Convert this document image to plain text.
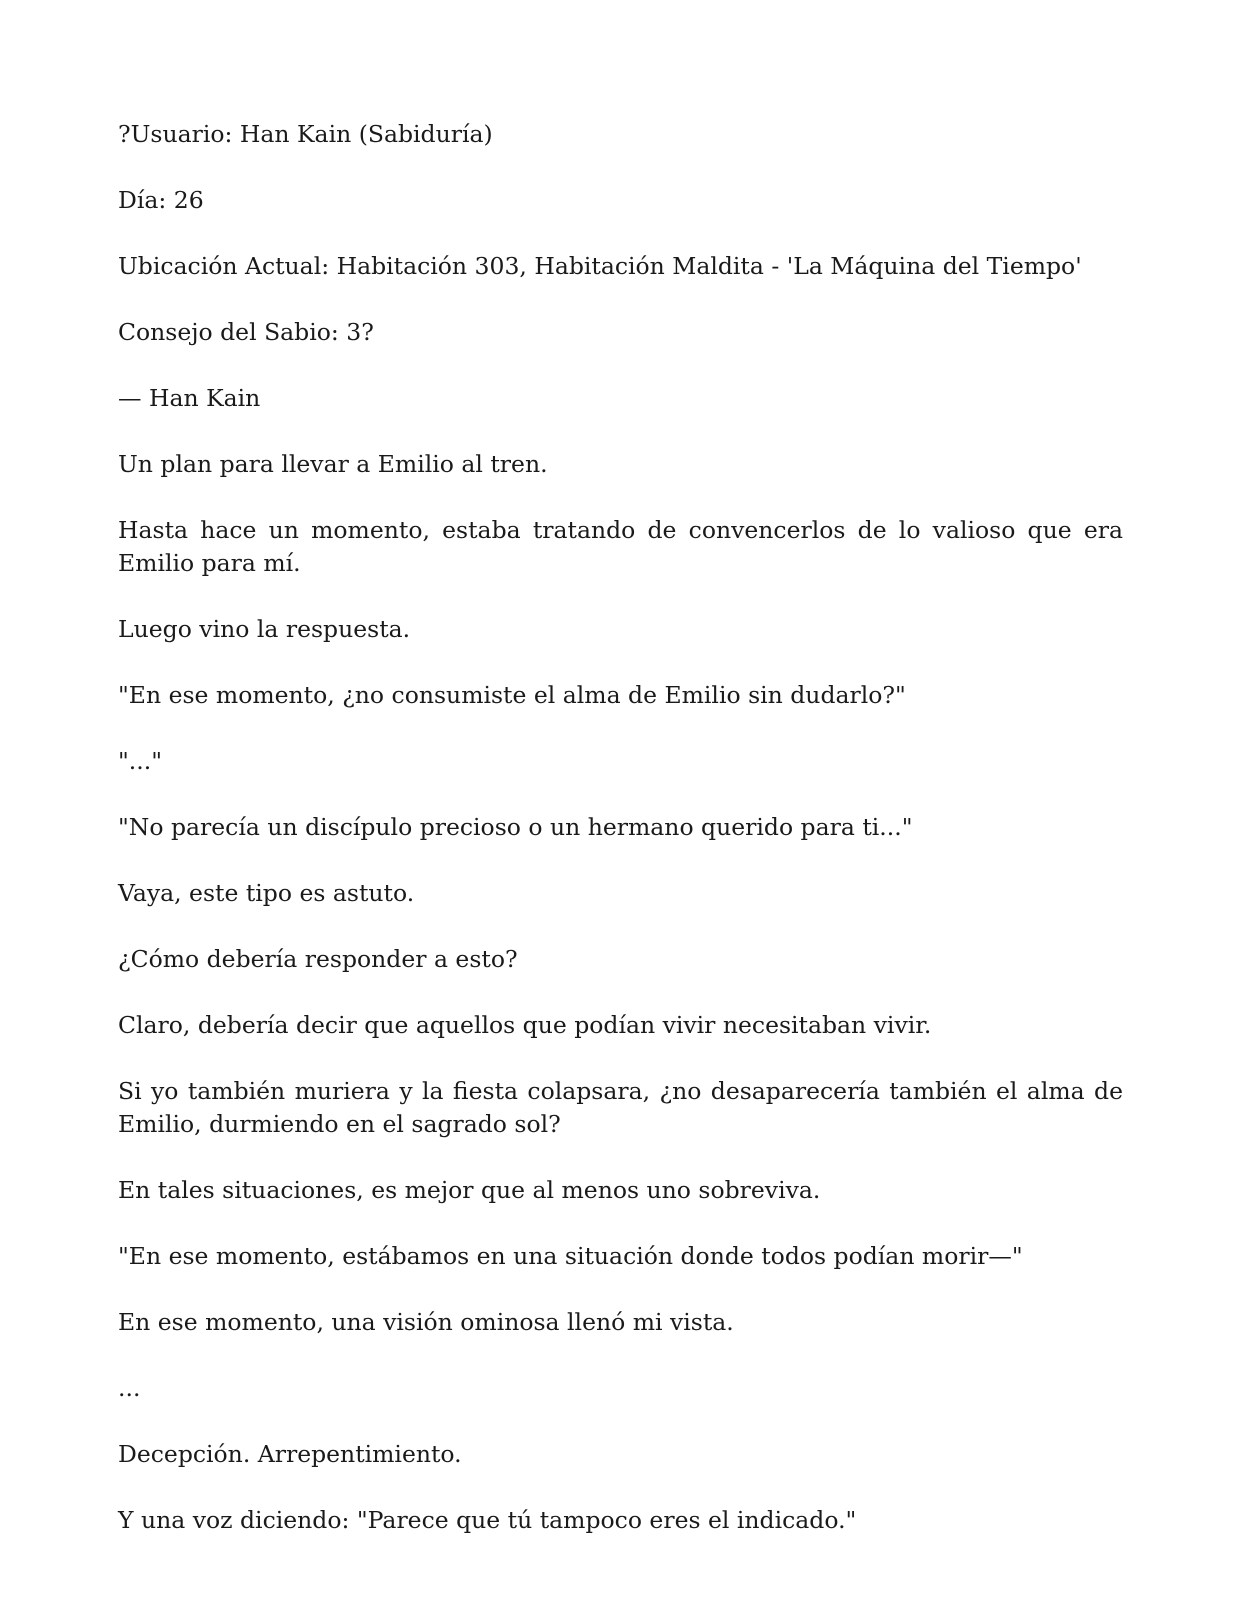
?Usuario: Han Kain (Sabiduría)

Día: 26

Ubicación Actual: Habitación 303, Habitación Maldita - 'La Máquina del Tiempo'

Consejo del Sabio: 3?

— Han Kain

Un plan para llevar a Emilio al tren.

Hasta hace un momento, estaba tratando de convencerlos de lo valioso que era Emilio para mí.

Luego vino la respuesta.

"En ese momento, ¿no consumiste el alma de Emilio sin dudarlo?"

"..."

"No parecía un discípulo precioso o un hermano querido para ti..."

Vaya, este tipo es astuto.

¿Cómo debería responder a esto?

Claro, debería decir que aquellos que podían vivir necesitaban vivir.

Si yo también muriera y la fiesta colapsara, ¿no desaparecería también el alma de Emilio, durmiendo en el sagrado sol?

En tales situaciones, es mejor que al menos uno sobreviva.

"En ese momento, estábamos en una situación donde todos podían morir—"

En ese momento, una visión ominosa llenó mi vista.

...

Decepción. Arrepentimiento.

Y una voz diciendo: "Parece que tú tampoco eres el indicado."
